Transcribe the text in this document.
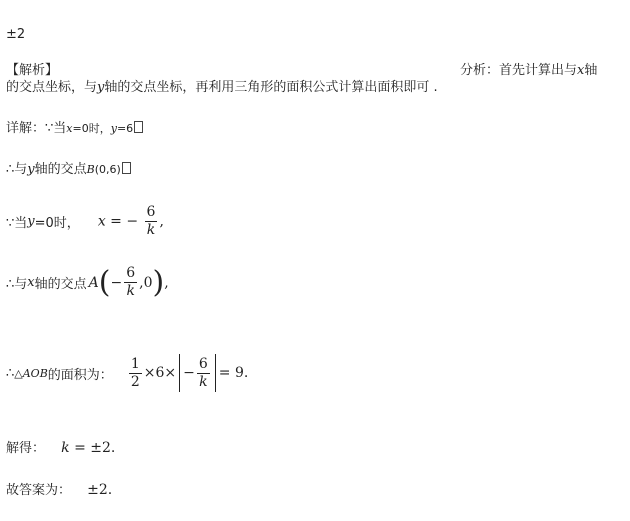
±2
【解析】	分析：首先计算出与x轴
的交点坐标，与y轴的交点坐标，再利用三角形的面积公式计算出面积即可 .
详解：∵当x=0时，y=6
∴与y轴的交点B(0,6)
∵当 y =0时， x = − $\frac{6}{k}$ ,
∴与 x 轴的交点 A ( − $\frac{6}{k} ,0$ ) ,
∴ △AOB 的面积为： $\frac{1}{2} \times 6\times - \frac{6}{k} = 9$.
解得： k = ±2.
故答案为： ±2.
